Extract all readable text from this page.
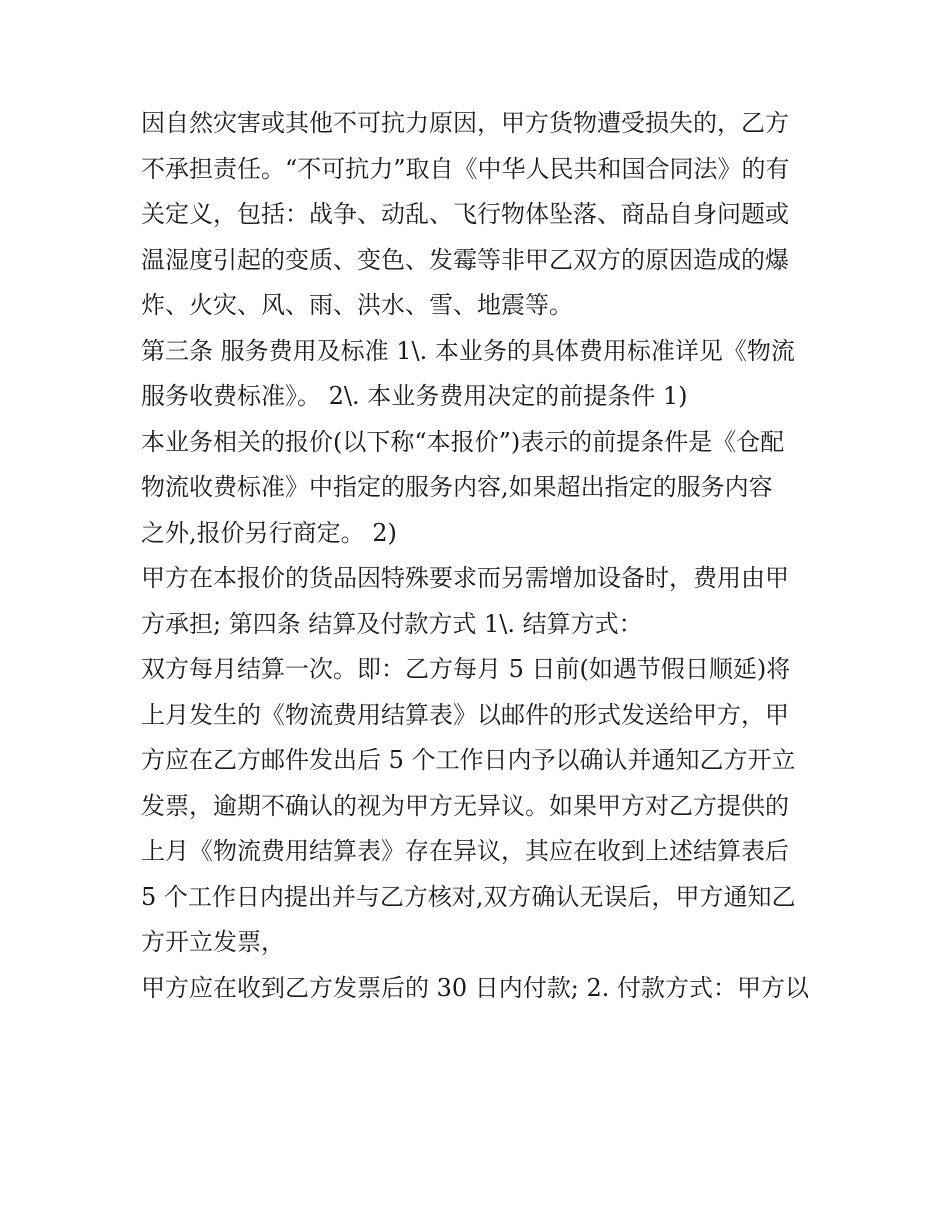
因自然灾害或其他不可抗力原因，甲方货物遭受损失的，乙方
不承担责任。“不可抗力”取自《中华人民共和国合同法》的有
关定义，包括：战争、动乱、飞行物体坠落、商品自身问题或
温湿度引起的变质、变色、发霉等非甲乙双方的原因造成的爆
炸、火灾、风、雨、洪水、雪、地震等。
第三条 服务费用及标准 1\. 本业务的具体费用标准详见《物流
服务收费标准》。 2\. 本业务费用决定的前提条件 1)
本业务相关的报价(以下称“本报价”)表示的前提条件是《仓配
物流收费标准》中指定的服务内容,如果超出指定的服务内容
之外,报价另行商定。 2)
甲方在本报价的货品因特殊要求而另需增加设备时，费用由甲
方承担; 第四条 结算及付款方式 1\. 结算方式：
双方每月结算一次。即：乙方每月 5 日前(如遇节假日顺延)将
上月发生的《物流费用结算表》以邮件的形式发送给甲方，甲
方应在乙方邮件发出后 5 个工作日内予以确认并通知乙方开立
发票，逾期不确认的视为甲方无异议。如果甲方对乙方提供的
上月《物流费用结算表》存在异议，其应在收到上述结算表后
5 个工作日内提出并与乙方核对,双方确认无误后，甲方通知乙
方开立发票，
甲方应在收到乙方发票后的 30 日内付款; 2. 付款方式：甲方以
